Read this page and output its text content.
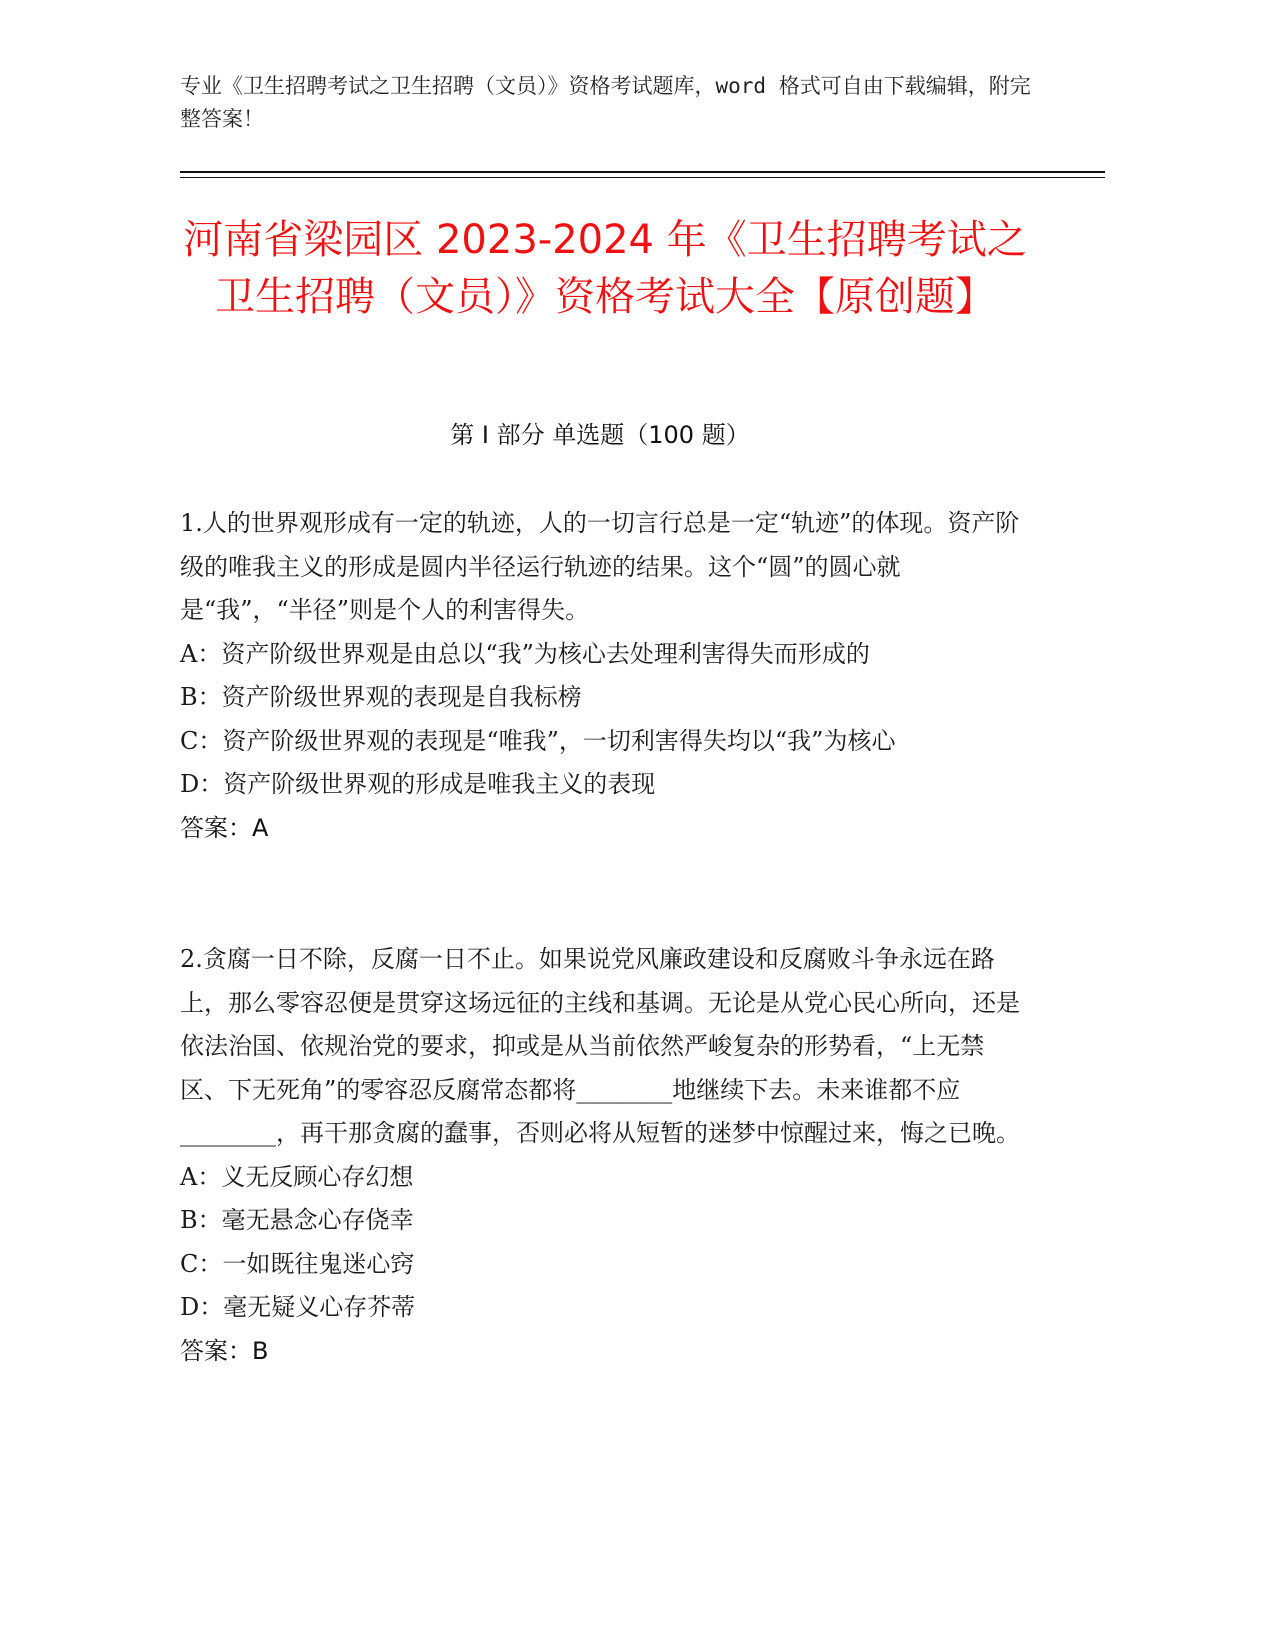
专业《卫生招聘考试之卫生招聘（文员）》资格考试题库，word 格式可自由下载编辑，附完整答案！
河南省梁园区 2023-2024 年《卫生招聘考试之卫生招聘（文员）》资格考试大全【原创题】
第 I 部分 单选题（100 题）

1.人的世界观形成有一定的轨迹，人的一切言行总是一定“轨迹”的体现。资产阶级的唯我主义的形成是圆内半径运行轨迹的结果。这个“圆”的圆心就是“我”，“半径”则是个人的利害得失。

A：资产阶级世界观是由总以“我”为核心去处理利害得失而形成的

B：资产阶级世界观的表现是自我标榜

C：资产阶级世界观的表现是“唯我”，一切利害得失均以“我”为核心

D：资产阶级世界观的形成是唯我主义的表现

答案：A

2.贪腐一日不除，反腐一日不止。如果说党风廉政建设和反腐败斗争永远在路上，那么零容忍便是贯穿这场远征的主线和基调。无论是从党心民心所向，还是依法治国、依规治党的要求，抑或是从当前依然严峻复杂的形势看，“上无禁区、下无死角”的零容忍反腐常态都将________地继续下去。未来谁都不应________，再干那贪腐的蠢事，否则必将从短暂的迷梦中惊醒过来，悔之已晚。

A：义无反顾心存幻想

B：毫无悬念心存侥幸

C：一如既往鬼迷心窍

D：毫无疑义心存芥蒂

答案：B
